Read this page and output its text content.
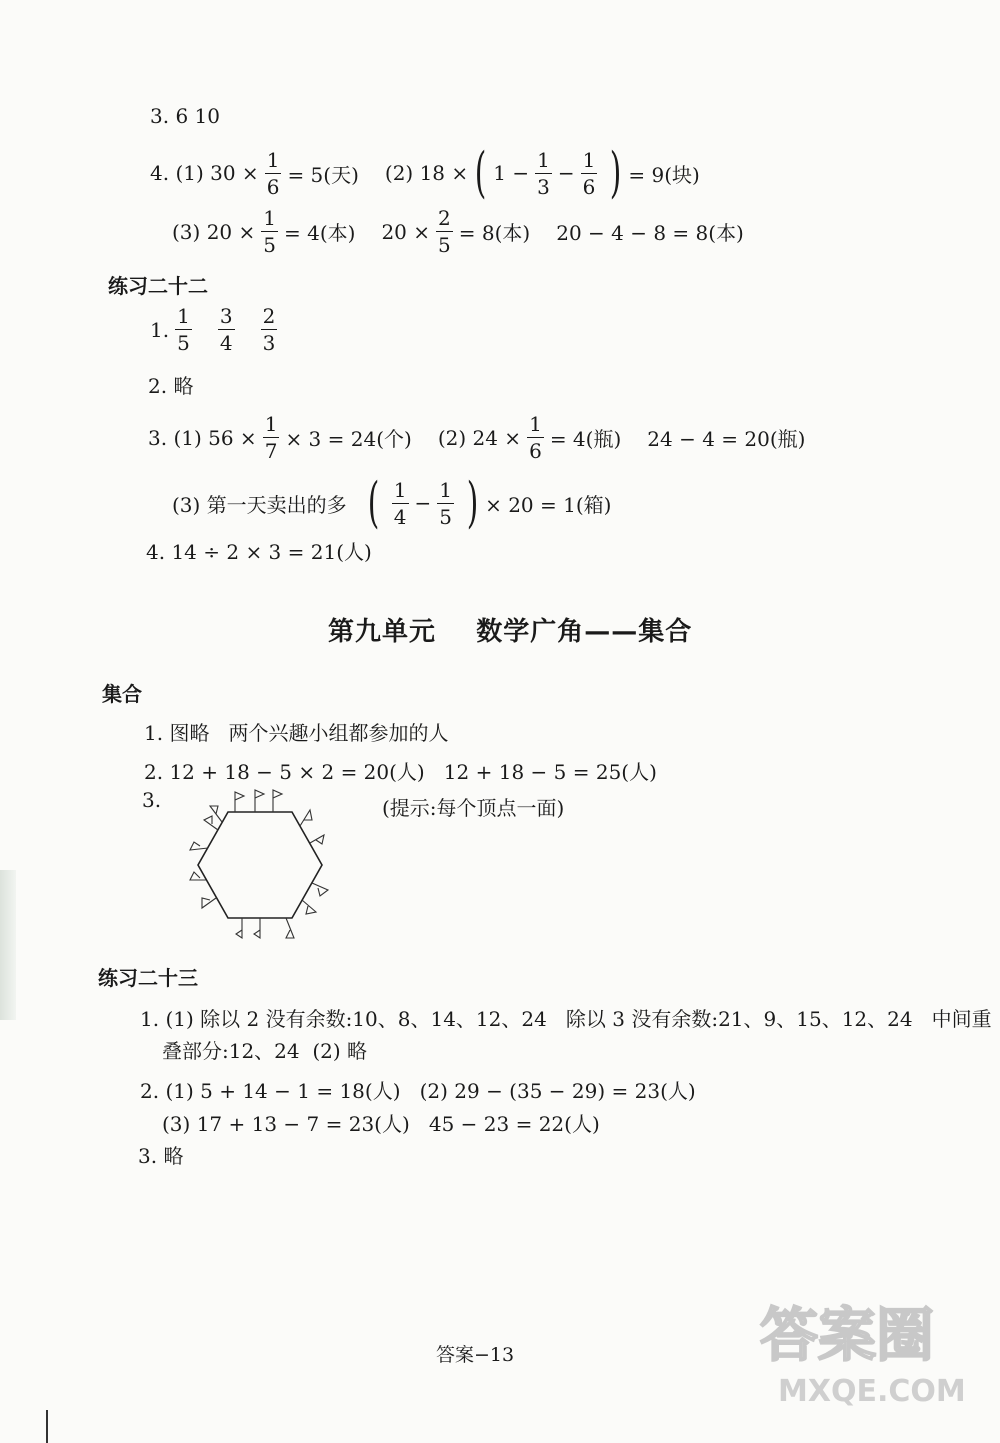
3. 6 10
4. (1) $30 \times \frac{1}{6} = 5$(天) (2) 18 × ( $1 - \frac{1}{3} - \frac{1}{6}$ ) = 9(块)
(3) $20 \times \frac{1}{5} = 4$(本) $20 \times \frac{2}{5} = 8$(本) 20 − 4 − 8 = 8(本)
练习二十二
1. $\frac{1}{5} \frac{3}{4} \frac{2}{3}$
2. 略
3. (1) $56 \times \frac{1}{7} \times 3 = 24$(个) (2) $24 \times \frac{1}{6} = 4$(瓶) 24 − 4 = 20(瓶)
(3) 第一天卖出的多 ( $\frac{1}{4} - \frac{1}{5}$ ) × 20 = 1(箱)
4. 14 ÷ 2 × 3 = 21(人)
第九单元    数学广角——集合
集合
1. 图略   两个兴趣小组都参加的人
2. 12 + 18 − 5 × 2 = 20(人)   12 + 18 − 5 = 25(人)
3.	(提示:每个顶点一面)
练习二十三
1. (1) 除以 2 没有余数:10、8、14、12、24   除以 3 没有余数:21、9、15、12、24   中间重
叠部分:12、24  (2) 略
2. (1) 5 + 14 − 1 = 18(人)   (2) 29 − (35 − 29) = 23(人)
(3) 17 + 13 − 7 = 23(人)   45 − 23 = 22(人)
3. 略
答案−13	答案圈
MXQE.COM
